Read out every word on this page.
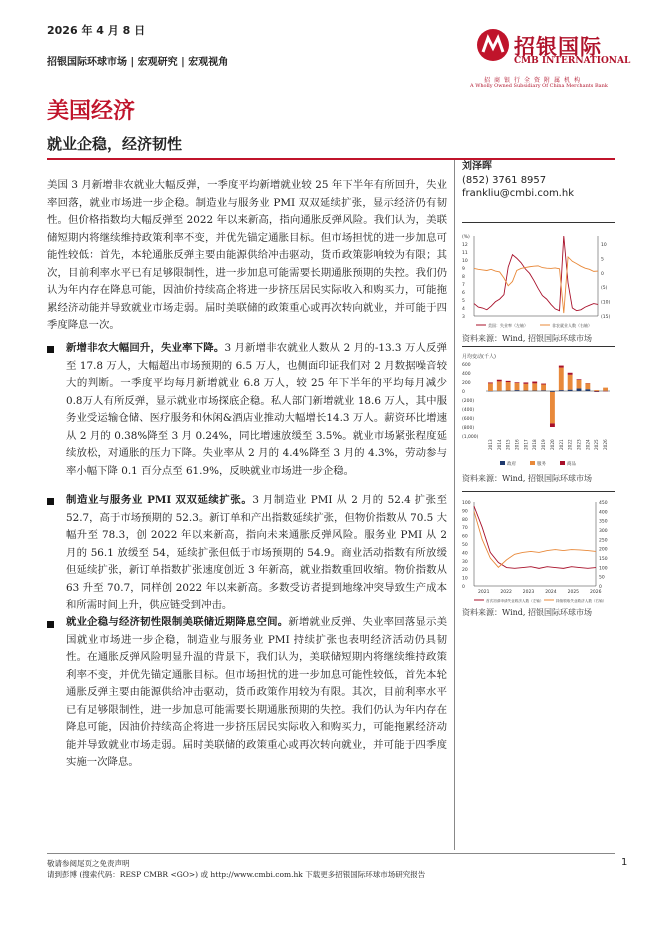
2026 年 4 月 8 日
招银国际环球市场 | 宏观研究 | 宏观视角
招银国际
CMB INTERNATIONAL
招商银行全资附属机构
A Wholly Owned Subsidiary Of China Merchants Bank
美国经济
就业企稳，经济韧性
美国 3 月新增非农就业大幅反弹，一季度平均新增就业较 25 年下半年有所回升，失业率回落，就业市场进一步企稳。制造业与服务业 PMI 双双延续扩张，显示经济仍有韧性。但价格指数均大幅反弹至 2022 年以来新高，指向通胀反弹风险。我们认为，美联储短期内将继续维持政策利率不变，并优先锚定通胀目标。但市场担忧的进一步加息可能性较低：首先，本轮通胀反弹主要由能源供给冲击驱动，货币政策影响较为有限；其次，目前利率水平已有足够限制性，进一步加息可能需要长期通胀预期的失控。我们仍认为年内存在降息可能，因油价持续高企将进一步挤压居民实际收入和购买力，可能拖累经济动能并导致就业市场走弱。届时美联储的政策重心或再次转向就业，并可能于四季度降息一次。
新增非农大幅回升，失业率下降。3 月新增非农就业人数从 2 月的-13.3 万人反弹至 17.8 万人，大幅超出市场预期的 6.5 万人，也侧面印证我们对 2 月数据噪音较大的判断。一季度平均每月新增就业 6.8 万人，较 25 年下半年的平均每月减少0.8万人有所反弹，显示就业市场探底企稳。私人部门新增就业 18.6 万人，其中服务业受运输仓储、医疗服务和休闲&酒店业推动大幅增长14.3 万人。薪资环比增速从 2 月的 0.38%降至 3 月 0.24%，同比增速放缓至 3.5%。就业市场紧张程度延续放松，对通胀的压力下降。失业率从 2 月的 4.4%降至 3 月的 4.3%，劳动参与率小幅下降 0.1 百分点至 61.9%，反映就业市场进一步企稳。
制造业与服务业 PMI 双双延续扩张。3 月制造业 PMI 从 2 月的 52.4 扩张至 52.7，高于市场预期的 52.3。新订单和产出指数延续扩张，但物价指数从 70.5 大幅升至 78.3，创 2022 年以来新高，指向未来通胀反弹风险。服务业 PMI 从 2 月的 56.1 放缓至 54，延续扩张但低于市场预期的 54.9。商业活动指数有所放缓但延续扩张，新订单指数扩张速度创近 3 年新高，就业指数重回收缩。物价指数从 63 升至 70.7，同样创 2022 年以来新高。多数受访者提到地缘冲突导致生产成本和所需时间上升，供应链受到冲击。
就业企稳与经济韧性限制美联储近期降息空间。新增就业反弹、失业率回落显示美国就业市场进一步企稳，制造业与服务业 PMI 持续扩张也表明经济活动仍具韧性。在通胀反弹风险明显升温的背景下，我们认为，美联储短期内将继续维持政策利率不变，并优先锚定通胀目标。但市场担忧的进一步加息可能性较低，首先本轮通胀反弹主要由能源供给冲击驱动，货币政策作用较为有限。其次，目前利率水平已有足够限制性，进一步加息可能需要长期通胀预期的失控。我们仍认为年内存在降息可能，因油价持续高企将进一步挤压居民实际收入和购买力，可能拖累经济动能并导致就业市场走弱。届时美联储的政策重心或再次转向就业，并可能于四季度实施一次降息。
刘泽晖
(852) 3761 8957
frankliu@cmbi.com.hk
(%)
12
11
10
9
8
7
6
5
4
3
10
5
0
(5)
(10)
(15)
美国：失业率（左轴）	非农就业人数（右轴）
资料来源：Wind, 招银国际环球市场
月均变动(千人)
600
400
200
0
(200)
(400)
(600)
(800)
(1,000)
2013 2014 2015 2016 2017 2018 2019 2020 2021 2022 2023 2024 2025 2026
政府	服务	商品
资料来源：Wind, 招银国际环球市场
100
90
80
70
60
50
40
30
20
10
0
450
400
350
300
250
200
150
100
50
0
2021 2022 2023 2024 2025 2026
首次初请申请失业救济人数（左轴）	持续领取失业救济人数（右轴）
资料来源：Wind, 招银国际环球市场
敬请参阅尾页之免责声明
请到彭博 (搜索代码：RESP CMBR <GO>) 或 http://www.cmbi.com.hk 下载更多招银国际环球市场研究报告
1
